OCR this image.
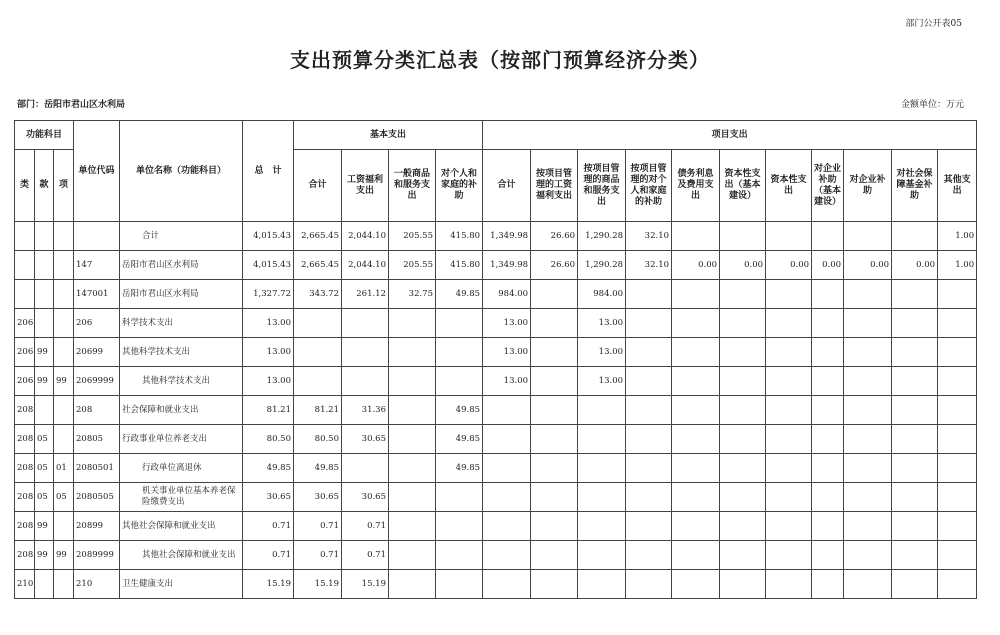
部门公开表05
支出预算分类汇总表（按部门预算经济分类）
部门：岳阳市君山区水利局	金额单位：万元
功能科目			单位代码	单位名称（功能科目）	总　计	基本支出				项目支出										
类	款	项				合计	工资福利支出	一般商品和服务支出	对个人和家庭的补助	合计	按项目管理的工资福利支出	按项目管理的商品和服务支出	按项目管理的对个人和家庭的补助	债务利息及费用支出	资本性支出（基本建设）	资本性支出	对企业补助（基本建设）	对企业补助	对社会保障基金补助	其他支出
				合计	4,015.43	2,665.45	2,044.10	205.55	415.80	1,349.98	26.60	1,290.28	32.10							1.00
			147	岳阳市君山区水利局	4,015.43	2,665.45	2,044.10	205.55	415.80	1,349.98	26.60	1,290.28	32.10	0.00	0.00	0.00	0.00	0.00	0.00	1.00
			147001	岳阳市君山区水利局	1,327.72	343.72	261.12	32.75	49.85	984.00		984.00								
206			206	科学技术支出	13.00					13.00		13.00								
206	99		20699	其他科学技术支出	13.00					13.00		13.00								
206	99	99	2069999	其他科学技术支出	13.00					13.00		13.00								
208			208	社会保障和就业支出	81.21	81.21	31.36		49.85											
208	05		20805	行政事业单位养老支出	80.50	80.50	30.65		49.85											
208	05	01	2080501	行政单位离退休	49.85	49.85			49.85											
208	05	05	2080505	机关事业单位基本养老保险缴费支出	30.65	30.65	30.65													
208	99		20899	其他社会保障和就业支出	0.71	0.71	0.71													
208	99	99	2089999	其他社会保障和就业支出	0.71	0.71	0.71													
210			210	卫生健康支出	15.19	15.19	15.19													
